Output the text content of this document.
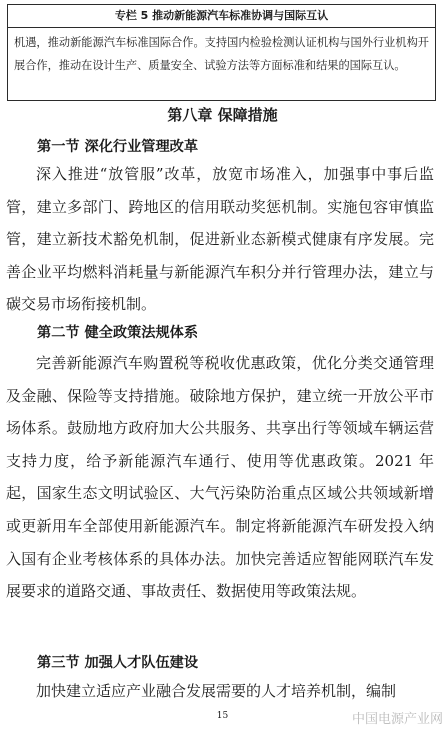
专栏 5 推动新能源汽车标准协调与国际互认
机遇，推动新能源汽车标准国际合作。支持国内检验检测认证机构与国外行业机构开展合作，推动在设计生产、质量安全、试验方法等方面标准和结果的国际互认。
第八章 保障措施
第一节 深化行业管理改革
深入推进“放管服”改革，放宽市场准入，加强事中事后监管，建立多部门、跨地区的信用联动奖惩机制。实施包容审慎监管，建立新技术豁免机制，促进新业态新模式健康有序发展。完善企业平均燃料消耗量与新能源汽车积分并行管理办法，建立与碳交易市场衔接机制。
第二节 健全政策法规体系
完善新能源汽车购置税等税收优惠政策，优化分类交通管理及金融、保险等支持措施。破除地方保护，建立统一开放公平市场体系。鼓励地方政府加大公共服务、共享出行等领域车辆运营支持力度，给予新能源汽车通行、使用等优惠政策。2021 年起，国家生态文明试验区、大气污染防治重点区域公共领域新增或更新用车全部使用新能源汽车。制定将新能源汽车研发投入纳入国有企业考核体系的具体办法。加快完善适应智能网联汽车发展要求的道路交通、事故责任、数据使用等政策法规。
第三节 加强人才队伍建设
加快建立适应产业融合发展需要的人才培养机制，编制
15	中国电源产业网
